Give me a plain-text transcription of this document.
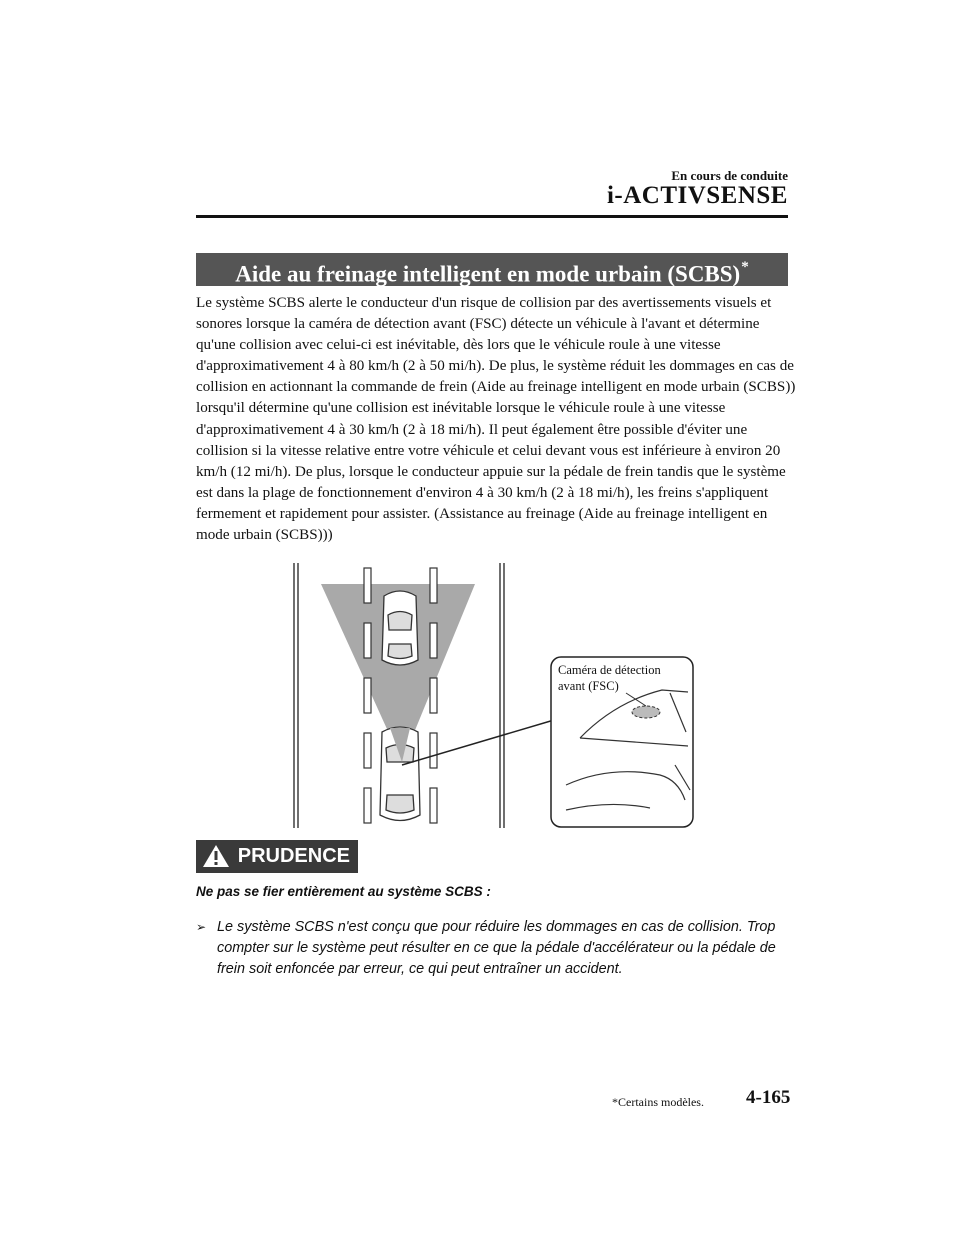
En cours de conduite
i-ACTIVSENSE
Aide au freinage intelligent en mode urbain (SCBS)*

Le système SCBS alerte le conducteur d'un risque de collision par des avertissements visuels et sonores lorsque la caméra de détection avant (FSC) détecte un véhicule à l'avant et détermine qu'une collision avec celui-ci est inévitable, dès lors que le véhicule roule à une vitesse d'approximativement 4 à 80 km/h (2 à 50 mi/h). De plus, le système réduit les dommages en cas de collision en actionnant la commande de frein (Aide au freinage intelligent en mode urbain (SCBS)) lorsqu'il détermine qu'une collision est inévitable lorsque le véhicule roule à une vitesse d'approximativement 4 à 30 km/h (2 à 18 mi/h). Il peut également être possible d'éviter une collision si la vitesse relative entre votre véhicule et celui devant vous est inférieure à environ 20 km/h (12 mi/h). De plus, lorsque le conducteur appuie sur la pédale de frein tandis que le système est dans la plage de fonctionnement d'environ 4 à 30 km/h (2 à 18 mi/h), les freins s'appliquent fermement et rapidement pour assister. (Assistance au freinage (Aide au freinage intelligent en mode urbain (SCBS)))

Caméra de détection
avant (FSC)
PRUDENCE

Ne pas se fier entièrement au système SCBS :

➢ Le système SCBS n'est conçu que pour réduire les dommages en cas de collision. Trop compter sur le système peut résulter en ce que la pédale d'accélérateur ou la pédale de frein soit enfoncée par erreur, ce qui peut entraîner un accident.
*Certains modèles. 4-165
